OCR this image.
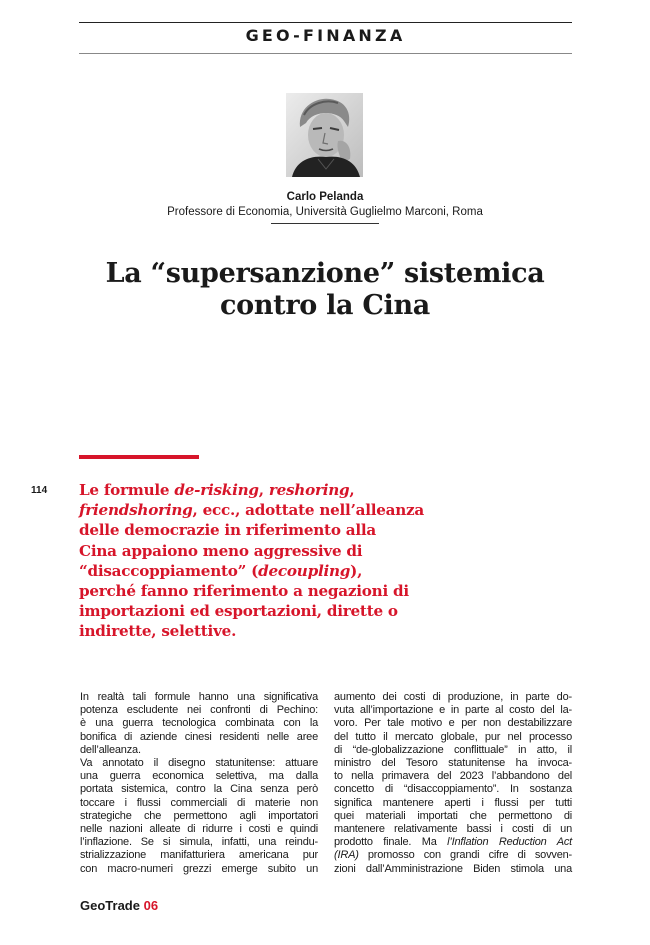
GEO-FINANZA
Carlo Pelanda
Professore di Economia, Università Guglielmo Marconi, Roma
La “supersanzione” sistemica
contro la Cina
114 Le formule de-risking, reshoring,
friendshoring, ecc., adottate nell’alleanza
delle democrazie in riferimento alla
Cina appaiono meno aggressive di
“disaccoppiamento” (decoupling),
perché fanno riferimento a negazioni di
importazioni ed esportazioni, dirette o
indirette, selettive.
In realtà tali formule hanno una significativa
potenza escludente nei confronti di Pechino:
è una guerra tecnologica combinata con la
bonifica di aziende cinesi residenti nelle aree
dell’alleanza.
Va annotato il disegno statunitense: attuare
una guerra economica selettiva, ma dalla
portata sistemica, contro la Cina senza però
toccare i flussi commerciali di materie non
strategiche che permettono agli importatori
nelle nazioni alleate di ridurre i costi e quindi
l’inflazione. Se si simula, infatti, una reindu-
strializzazione manifatturiera americana pur
con macro-numeri grezzi emerge subito un
aumento dei costi di produzione, in parte do-
vuta all’importazione e in parte al costo del la-
voro. Per tale motivo e per non destabilizzare
del tutto il mercato globale, pur nel processo
di “de-globalizzazione conflittuale” in atto, il
ministro del Tesoro statunitense ha invoca-
to nella primavera del 2023 l’abbandono del
concetto di “disaccoppiamento”. In sostanza
significa mantenere aperti i flussi per tutti
quei materiali importati che permettono di
mantenere relativamente bassi i costi di un
prodotto finale. Ma l’Inflation Reduction Act
(IRA) promosso con grandi cifre di sovven-
zioni dall’Amministrazione Biden stimola una
GeoTrade 06
